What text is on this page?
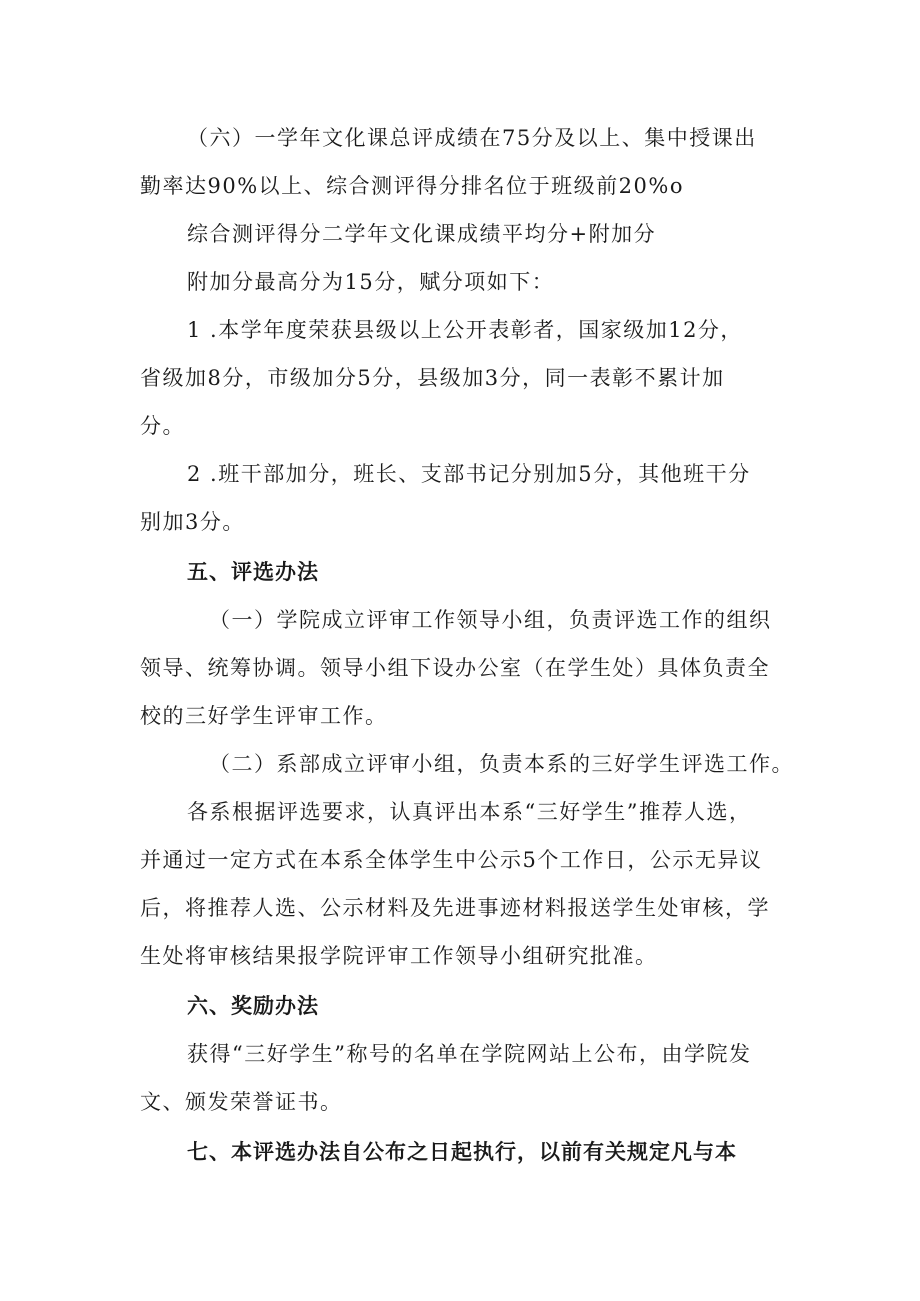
（六）一学年文化课总评成绩在75分及以上、集中授课出
勤率达90%以上、综合测评得分排名位于班级前20%o
综合测评得分二学年文化课成绩平均分+附加分
附加分最高分为15分，赋分项如下：
1 .本学年度荣获县级以上公开表彰者，国家级加12分，
省级加8分，市级加分5分，县级加3分，同一表彰不累计加
分。
2 .班干部加分，班长、支部书记分别加5分，其他班干分
别加3分。
五、评选办法
（一）学院成立评审工作领导小组，负责评选工作的组织
领导、统筹协调。领导小组下设办公室（在学生处）具体负责全
校的三好学生评审工作。
（二）系部成立评审小组，负责本系的三好学生评选工作。
各系根据评选要求，认真评出本系“三好学生”推荐人选，
并通过一定方式在本系全体学生中公示5个工作日，公示无异议
后，将推荐人选、公示材料及先进事迹材料报送学生处审核，学
生处将审核结果报学院评审工作领导小组研究批准。
六、奖励办法
获得“三好学生”称号的名单在学院网站上公布，由学院发
文、颁发荣誉证书。
七、本评选办法自公布之日起执行，以前有关规定凡与本
